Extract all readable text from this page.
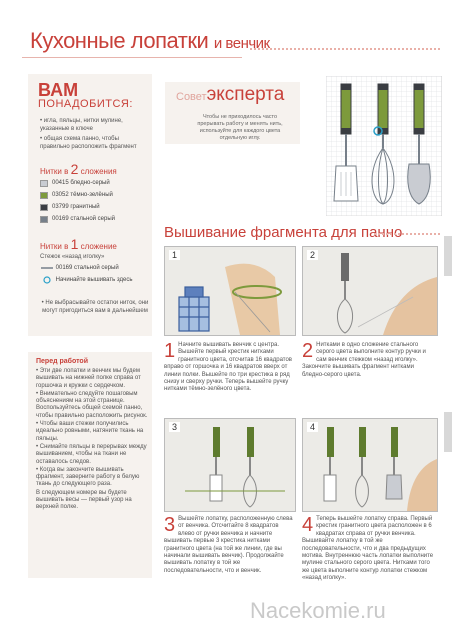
Кухонные лопатки и венчик
ВАМ
ПОНАДОБИТСЯ:
• игла, пяльцы, нитки мулине, указанные в ключе
• общая схема панно, чтобы правильно расположить фрагмент
Нитки в 2 сложения
00415
бледно-серый
03052
тёмно-зелёный
03799
гранитный
00169
стальной серый
Нитки в 1 сложение
Стежок «назад иголку»

00169
стальной серый

Начинайте вышивать здесь
• Не выбрасывайте остатки ниток, они могут пригодиться вам в дальнейшем
Советэксперта
Чтобы не приходилось часто прерывать работу и менять нить, используйте для каждого цвета отдельную иглу.
Вышивание фрагмента для панно
1	2
1 Начните вышивать венчик с центра. Вышейте первый крестик нитками гранитного цвета, отсчитав 16 квадратов вправо от горшочка и 16 квадратов вверх от линии полки. Вышейте по три крестика в ряд снизу и сверху ручки. Теперь вышейте ручку нитками тёмно-зелёного цвета.
2 Нитками в одно сложение стального серого цвета выполните контур ручки и сам венчик стежком «назад иголку». Закончите вышивать фрагмент нитками бледно-серого цвета.
3	4
3 Вышейте лопатку, расположенную слева от венчика. Отсчитайте 8 квадратов влево от ручки венчика и начните вышивать первые 3 крестика нитками гранитного цвета (на той же линии, где вы начинали вышивать венчик). Продолжайте вышивать лопатку в той же последовательности, что и венчик.
4 Теперь вышейте лопатку справа. Первый крестик гранитного цвета расположен в 6 квадратах справа от ручки венчика. Вышивайте лопатку в той же последовательности, что и два предыдущих мотива. Внутреннюю часть лопатки выполните мулине стального серого цвета. Нитками того же цвета выполните контур лопатки стежком «назад иголку».
Перед работой
• Эти две лопатки и венчик мы будем вышивать на нижней полке справа от горшочка и кружки с сердечком.
• Внимательно следуйте пошаговым объяснениям на этой странице. Воспользуйтесь общей схемой панно, чтобы правильно расположить рисунок.
• Чтобы ваши стежки получились идеально ровными, натяните ткань на пяльцы.
• Снимайте пяльцы в перерывах между вышиванием, чтобы на ткани не оставалось следов.
• Когда вы закончите вышивать фрагмент, заверните работу в белую ткань до следующего раза.
В следующем номере вы будете вышивать весы — первый узор на верхней полке.
Nacekomie.ru
